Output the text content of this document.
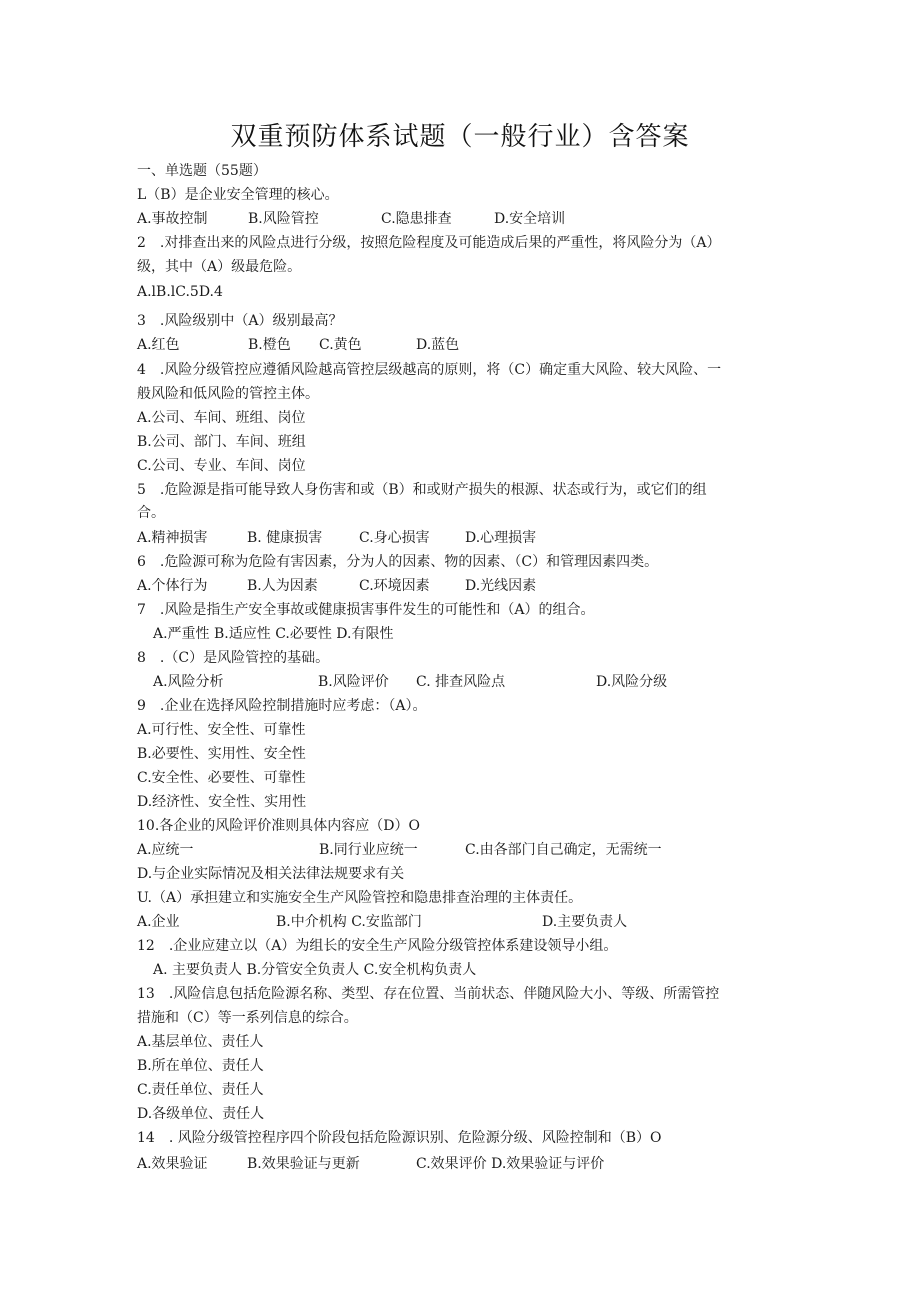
双重预防体系试题（一般行业）含答案
一、单选题（55题）
L（B）是企业安全管理的核心。
A.事故控制	B.风险管控	C.隐患排查	D.安全培训
2　.对排查出来的风险点进行分级，按照危险程度及可能造成后果的严重性，将风险分为（A）
级，其中（A）级最危险。
A.lB.lC.5D.4
3　.风险级别中（A）级别最高？
A.红色	B.橙色 C.黄色	D.蓝色
4　.风险分级管控应遵循风险越高管控层级越高的原则，将（C）确定重大风险、较大风险、一
般风险和低风险的管控主体。
A.公司、车间、班组、岗位
B.公司、部门、车间、班组
C.公司、专业、车间、岗位
5　.危险源是指可能导致人身伤害和或（B）和或财产损失的根源、状态或行为，或它们的组
合。
A.精神损害	B. 健康损害	C.身心损害	D.心理损害
6　.危险源可称为危险有害因素，分为人的因素、物的因素、（C）和管理因素四类。
A.个体行为	B.人为因素	C.环境因素	D.光线因素
7　.风险是指生产安全事故或健康损害事件发生的可能性和（A）的组合。
A.严重性 B.适应性 C.必要性 D.有限性
8　.（C）是风险管控的基础。
A.风险分析	B.风险评价 C. 排查风险点	D.风险分级
9　.企业在选择风险控制措施时应考虑：（A）。
A.可行性、安全性、可靠性
B.必要性、实用性、安全性
C.安全性、必要性、可靠性
D.经济性、安全性、实用性
10.各企业的风险评价准则具体内容应（D）O
A.应统一	B.同行业应统一	C.由各部门自己确定，无需统一
D.与企业实际情况及相关法律法规要求有关
U.（A）承担建立和实施安全生产风险管控和隐患排查治理的主体责任。
A.企业	B.中介机构 C.安监部门	D.主要负责人
12　.企业应建立以（A）为组长的安全生产风险分级管控体系建设领导小组。
A. 主要负责人 B.分管安全负责人 C.安全机构负责人
13　.风险信息包括危险源名称、类型、存在位置、当前状态、伴随风险大小、等级、所需管控
措施和（C）等一系列信息的综合。
A.基层单位、责任人
B.所在单位、责任人
C.责任单位、责任人
D.各级单位、责任人
14　. 风险分级管控程序四个阶段包括危险源识别、危险源分级、风险控制和（B）O
A.效果验证	B.效果验证与更新	C.效果评价 D.效果验证与评价
